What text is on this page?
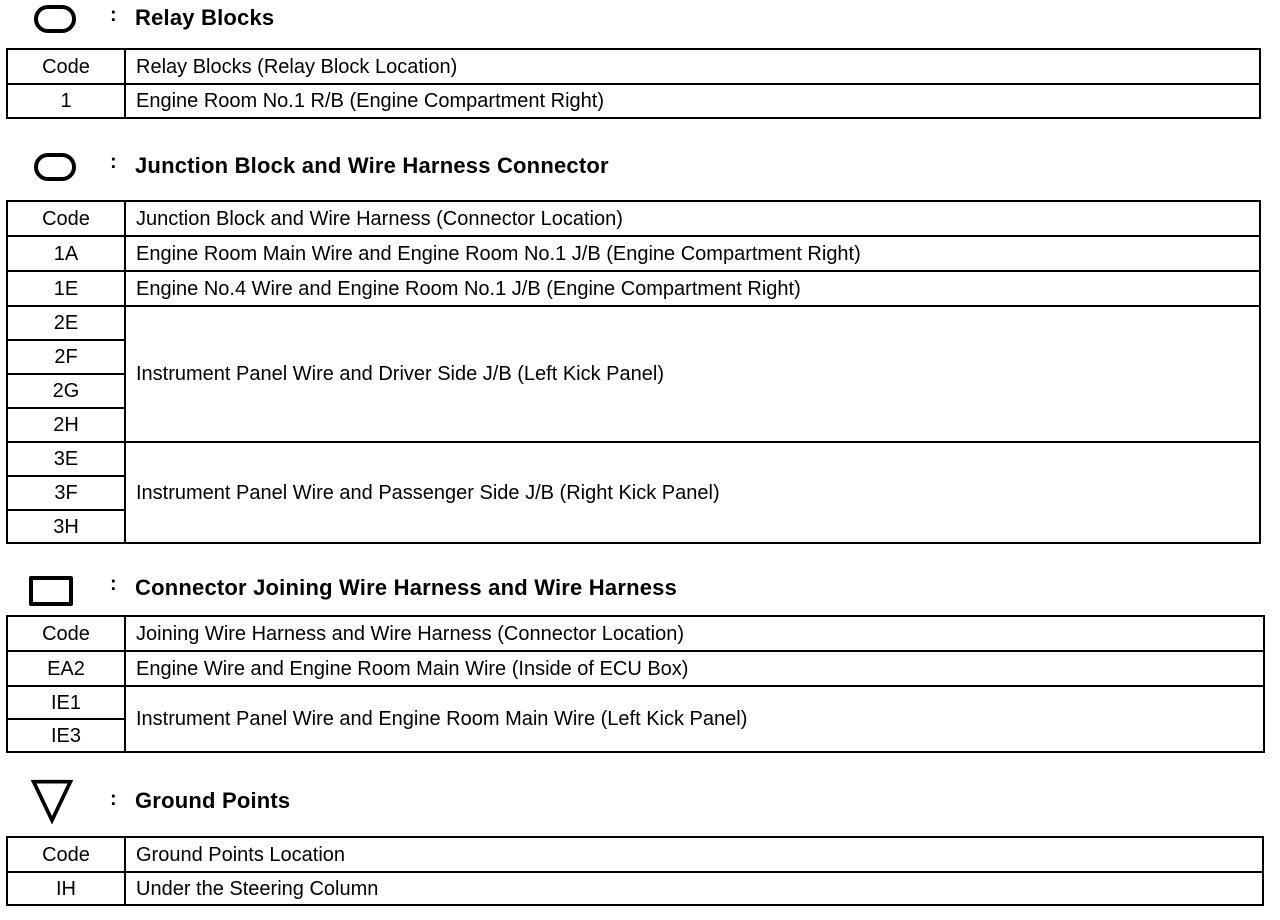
: Relay Blocks
Code	Relay Blocks (Relay Block Location)
1	Engine Room No.1 R/B (Engine Compartment Right)
: Junction Block and Wire Harness Connector
Code	Junction Block and Wire Harness (Connector Location)
1A	Engine Room Main Wire and Engine Room No.1 J/B (Engine Compartment Right)
1E	Engine No.4 Wire and Engine Room No.1 J/B (Engine Compartment Right)
2E	Instrument Panel Wire and Driver Side J/B (Left Kick Panel)
2F	
2G	
2H	
3E	Instrument Panel Wire and Passenger Side J/B (Right Kick Panel)
3F	
3H	
: Connector Joining Wire Harness and Wire Harness
Code	Joining Wire Harness and Wire Harness (Connector Location)
EA2	Engine Wire and Engine Room Main Wire (Inside of ECU Box)
IE1	Instrument Panel Wire and Engine Room Main Wire (Left Kick Panel)
IE3	
: Ground Points
Code	Ground Points Location
IH	Under the Steering Column
